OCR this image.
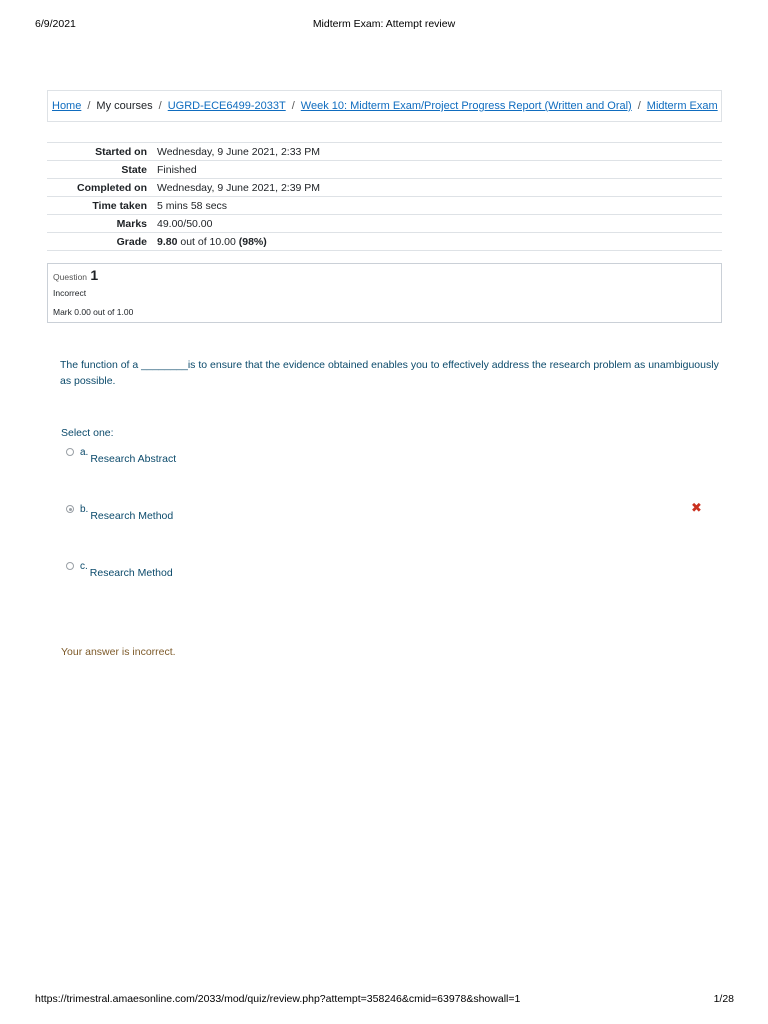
6/9/2021	Midterm Exam: Attempt review
Home / My courses / UGRD-ECE6499-2033T / Week 10: Midterm Exam/Project Progress Report (Written and Oral) / Midterm Exam
Started on	Wednesday, 9 June 2021, 2:33 PM
State	Finished
Completed on	Wednesday, 9 June 2021, 2:39 PM
Time taken	5 mins 58 secs
Marks	49.00/50.00
Grade	9.80 out of 10.00 (98%)
Question 1
Incorrect
Mark 0.00 out of 1.00
The function of a ________is to ensure that the evidence obtained enables you to effectively address the research problem as unambiguously as possible.
Select one:
a.
Research Abstract
b.
Research Method
✖
c.
Research Method
Your answer is incorrect.
https://trimestral.amaesonline.com/2033/mod/quiz/review.php?attempt=358246&cmid=63978&showall=1	1/28
